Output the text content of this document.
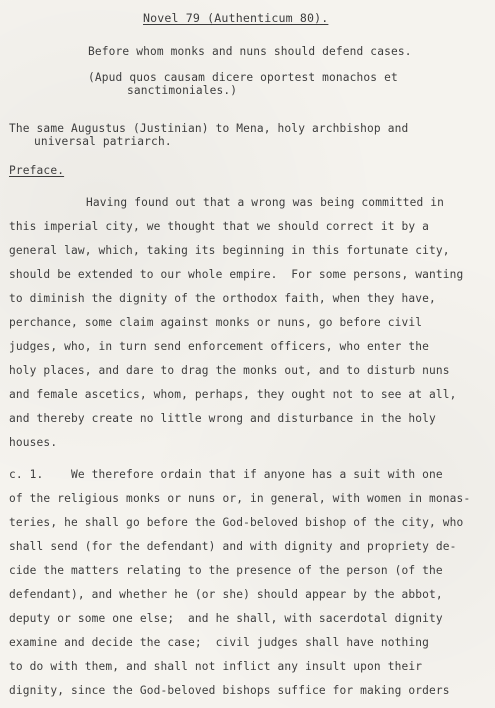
Novel 79 (Authenticum 80).
Before whom monks and nuns should defend cases.
(Apud quos causam dicere oportest monachos et
sanctimoniales.)
The same Augustus (Justinian) to Mena, holy archbishop and
universal patriarch.
Preface.
Having found out that a wrong was being committed in
this imperial city, we thought that we should correct it by a
general law, which, taking its beginning in this fortunate city,
should be extended to our whole empire.  For some persons, wanting
to diminish the dignity of the orthodox faith, when they have,
perchance, some claim against monks or nuns, go before civil
judges, who, in turn send enforcement officers, who enter the
holy places, and dare to drag the monks out, and to disturb nuns
and female ascetics, whom, perhaps, they ought not to see at all,
and thereby create no little wrong and disturbance in the holy
houses.
c. 1.    We therefore ordain that if anyone has a suit with one
of the religious monks or nuns or, in general, with women in monas-
teries, he shall go before the God-beloved bishop of the city, who
shall send (for the defendant) and with dignity and propriety de-
cide the matters relating to the presence of the person (of the
defendant), and whether he (or she) should appear by the abbot,
deputy or some one else;  and he shall, with sacerdotal dignity
examine and decide the case;  civil judges shall have nothing
to do with them, and shall not inflict any insult upon their
dignity, since the God-beloved bishops suffice for making orders
